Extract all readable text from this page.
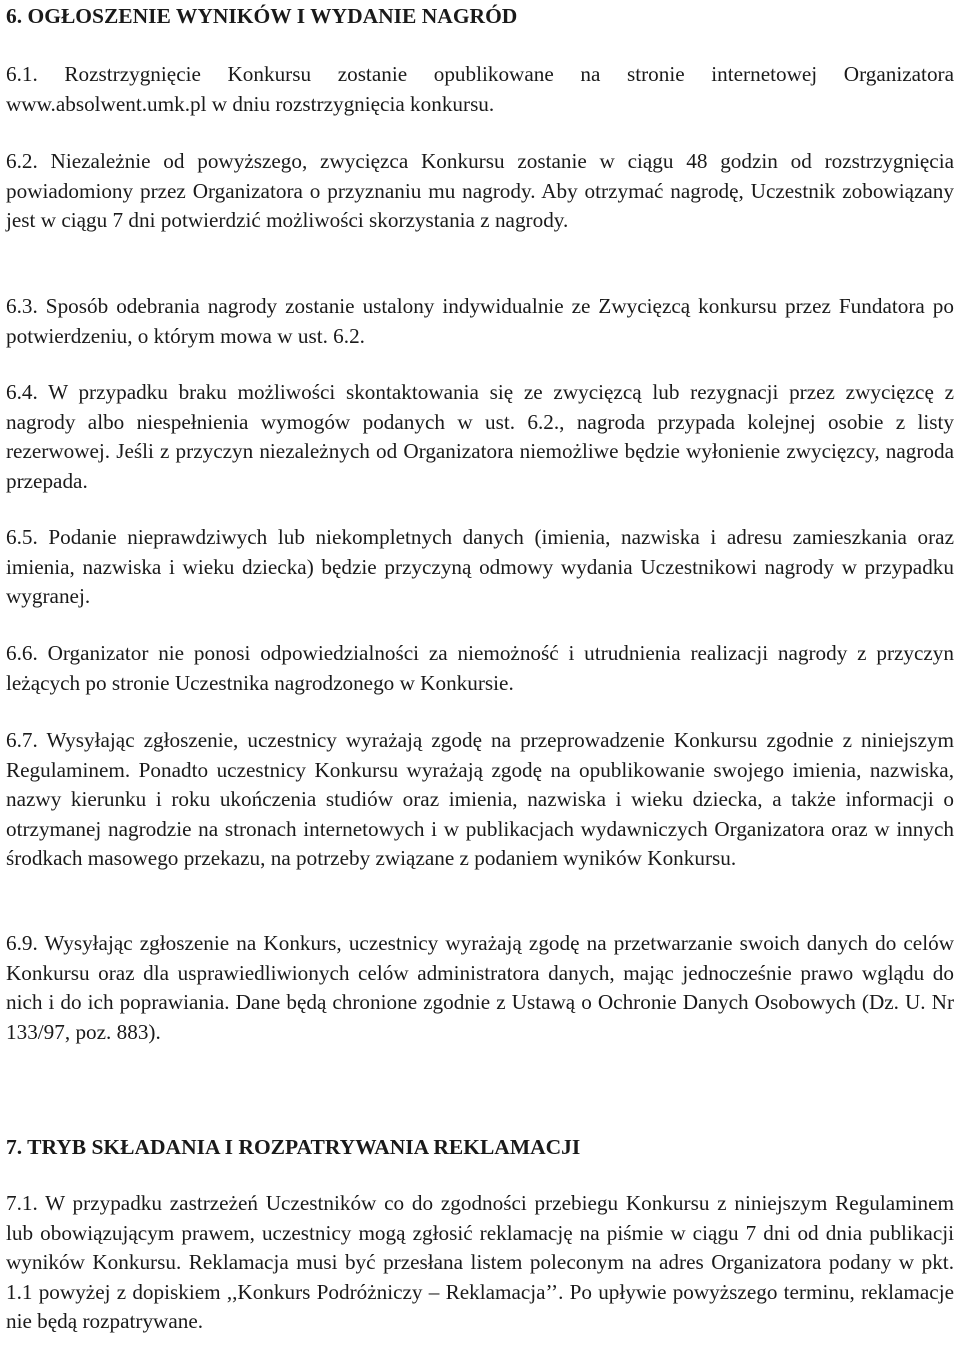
6. OGŁOSZENIE WYNIKÓW I WYDANIE NAGRÓD

6.1. Rozstrzygnięcie Konkursu zostanie opublikowane na stronie internetowej Organizatora www.absolwent.umk.pl w dniu rozstrzygnięcia konkursu.

6.2. Niezależnie od powyższego, zwycięzca Konkursu zostanie w ciągu 48 godzin od rozstrzygnięcia powiadomiony przez Organizatora o przyznaniu mu nagrody. Aby otrzymać nagrodę, Uczestnik zobowiązany jest w ciągu 7 dni potwierdzić możliwości skorzystania z nagrody.

6.3. Sposób odebrania nagrody zostanie ustalony indywidualnie ze Zwycięzcą konkursu przez Fundatora po potwierdzeniu, o którym mowa w ust. 6.2.

6.4. W przypadku braku możliwości skontaktowania się ze zwycięzcą lub rezygnacji przez zwycięzcę z nagrody albo niespełnienia wymogów podanych w ust. 6.2., nagroda przypada kolejnej osobie z listy rezerwowej. Jeśli z przyczyn niezależnych od Organizatora niemożliwe będzie wyłonienie zwycięzcy, nagroda przepada.

6.5. Podanie nieprawdziwych lub niekompletnych danych (imienia, nazwiska i adresu zamieszkania oraz imienia, nazwiska i wieku dziecka) będzie przyczyną odmowy wydania Uczestnikowi nagrody w przypadku wygranej.

6.6. Organizator nie ponosi odpowiedzialności za niemożność i utrudnienia realizacji nagrody z przyczyn leżących po stronie Uczestnika nagrodzonego w Konkursie.

6.7. Wysyłając zgłoszenie, uczestnicy wyrażają zgodę na przeprowadzenie Konkursu zgodnie z niniejszym Regulaminem. Ponadto uczestnicy Konkursu wyrażają zgodę na opublikowanie swojego imienia, nazwiska, nazwy kierunku i roku ukończenia studiów oraz imienia, nazwiska i wieku dziecka, a także informacji o otrzymanej nagrodzie na stronach internetowych i w publikacjach wydawniczych Organizatora oraz w innych środkach masowego przekazu, na potrzeby związane z podaniem wyników Konkursu.

6.9. Wysyłając zgłoszenie na Konkurs, uczestnicy wyrażają zgodę na przetwarzanie swoich danych do celów Konkursu oraz dla usprawiedliwionych celów administratora danych, mając jednocześnie prawo wglądu do nich i do ich poprawiania. Dane będą chronione zgodnie z Ustawą o Ochronie Danych Osobowych (Dz. U. Nr 133/97, poz. 883).

7. TRYB SKŁADANIA I ROZPATRYWANIA REKLAMACJI

7.1. W przypadku zastrzeżeń Uczestników co do zgodności przebiegu Konkursu z niniejszym Regulaminem lub obowiązującym prawem, uczestnicy mogą zgłosić reklamację na piśmie w ciągu 7 dni od dnia publikacji wyników Konkursu. Reklamacja musi być przesłana listem poleconym na adres Organizatora podany w pkt. 1.1 powyżej z dopiskiem ,,Konkurs Podróżniczy – Reklamacja’’. Po upływie powyższego terminu, reklamacje nie będą rozpatrywane.
